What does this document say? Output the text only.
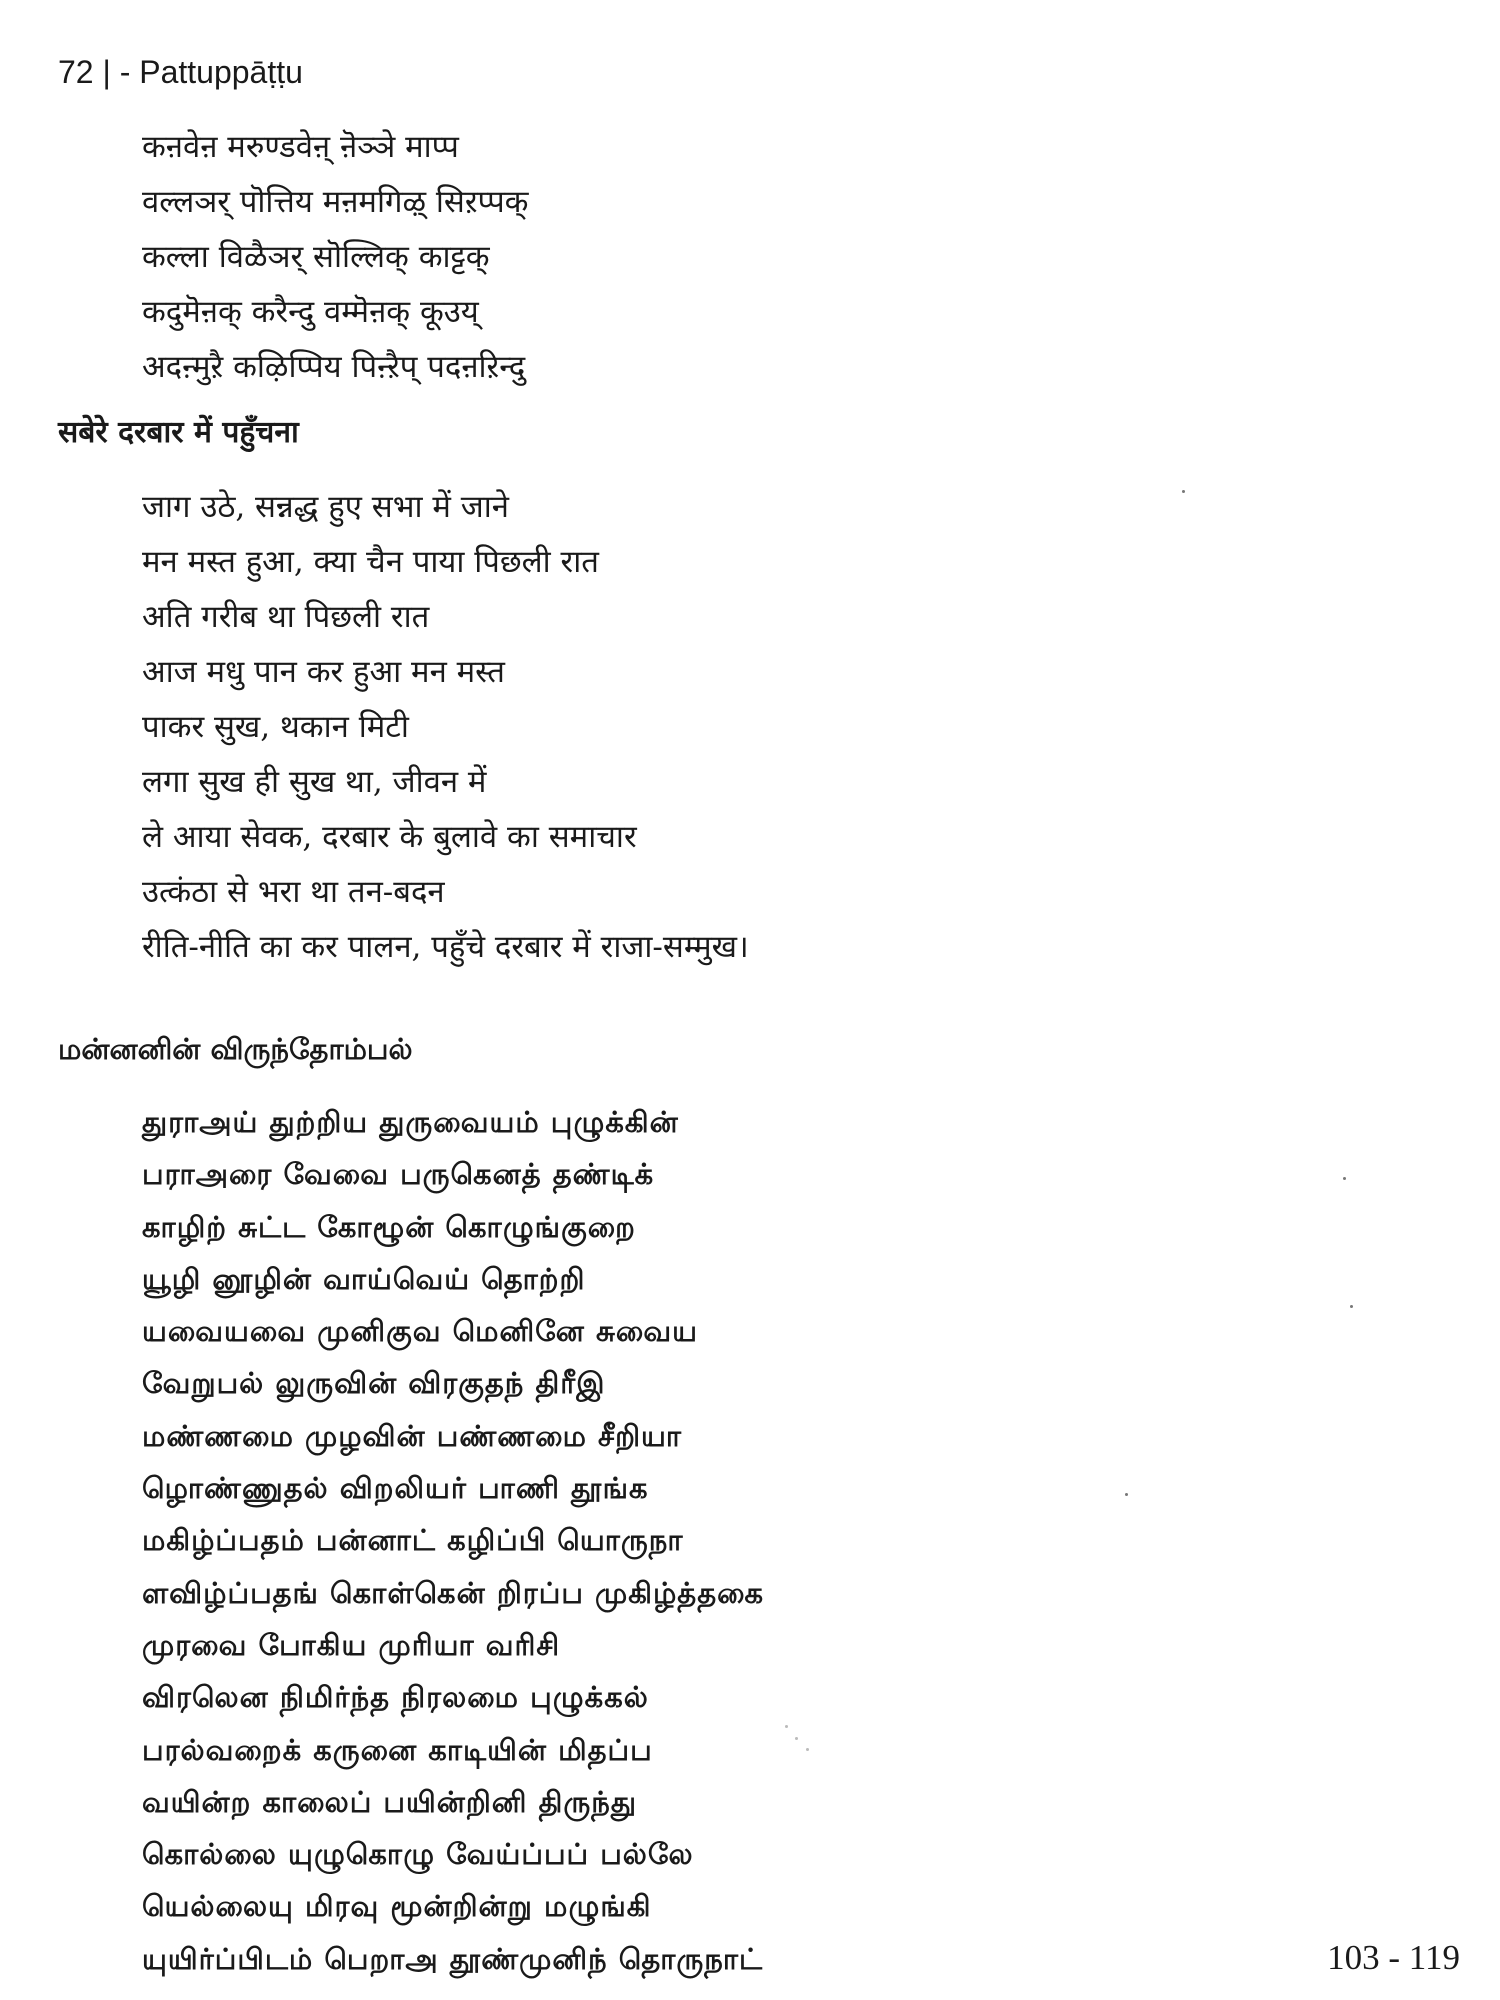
72 | - Pattuppāṭṭu
कऩवेऩ मरुण्डवेऩ् ऩॆञ्ञे माप्प
वल्लञर् पॊत्तिय मऩमगिऴ् सिऱप्पक्
कल्ला विळैञर् सॊल्लिक् काट्टक्
कदुमॆऩक् करैन्दु वम्मॆऩक् कूउय्
अदऩ्मुऱै कऴिप्पिय पिऩ्ऱैप् पदऩऱिन्दु
सबेरे दरबार में पहुँचना
जाग उठे, सन्नद्ध हुए सभा में जाने
मन मस्त हुआ, क्या चैन पाया पिछली रात
अति गरीब था पिछली रात
आज मधु पान कर हुआ मन मस्त
पाकर सुख, थकान मिटी
लगा सुख ही सुख था, जीवन में
ले आया सेवक, दरबार के बुलावे का समाचार
उत्कंठा से भरा था तन-बदन
रीति-नीति का कर पालन, पहुँचे दरबार में राजा-सम्मुख।
மன்னனின் விருந்தோம்பல்
துராஅய் துற்றிய துருவையம் புழுக்கின்
பராஅரை வேவை பருகெனத் தண்டிக்
காழிற் சுட்ட கோழூன் கொழுங்குறை
யூழி னூழின் வாய்வெய் தொற்றி
யவையவை முனிகுவ மெனினே சுவைய
வேறுபல் லுருவின் விரகுதந் திரீஇ
மண்ணமை முழவின் பண்ணமை சீறியா
ழொண்ணுதல் விறலியர் பாணி தூங்க
மகிழ்ப்பதம் பன்னாட் கழிப்பி யொருநா
ளவிழ்ப்பதங் கொள்கென் றிரப்ப முகிழ்த்தகை
முரவை போகிய முரியா வரிசி
விரலென நிமிர்ந்த நிரலமை புழுக்கல்
பரல்வறைக் கருனை காடியின் மிதப்ப
வயின்ற காலைப் பயின்றினி திருந்து
கொல்லை யுழுகொழு வேய்ப்பப் பல்லே
யெல்லையு மிரவு மூன்றின்று மழுங்கி
யுயிர்ப்பிடம் பெறாஅ தூண்முனிந் தொருநாட்	103 - 119
